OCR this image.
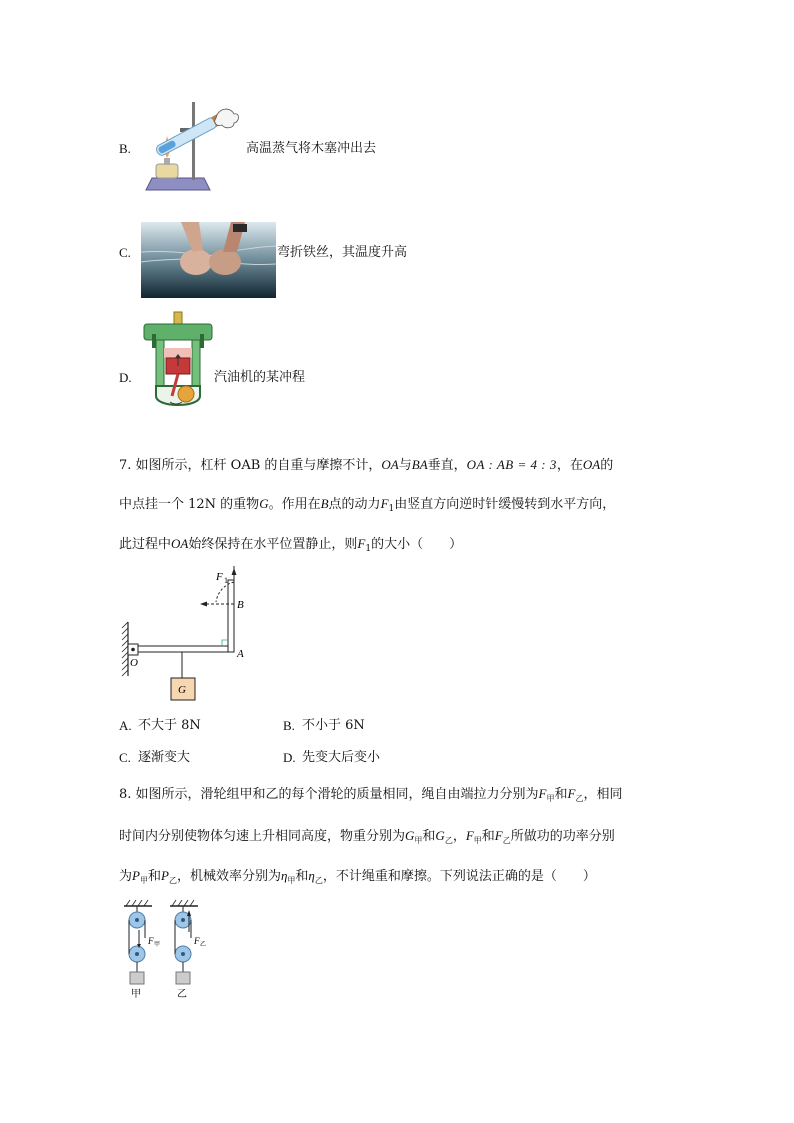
B.	高温蒸气将木塞冲出去
C.	弯折铁丝，其温度升高
D.	汽油机的某冲程
7. 如图所示，杠杆 OAB 的自重与摩擦不计，OA与BA垂直，OA : AB = 4 : 3，在OA的
中点挂一个 12N 的重物G。作用在B点的动力$F_1$由竖直方向逆时针缓慢转到水平方向，
此过程中OA始终保持在水平位置静止，则$F_1$的大小（　　）
F 1
B
A
O
G
A. 不大于 8N	B. 不小于 6N
C. 逐渐变大	D. 先变大后变小
8. 如图所示，滑轮组甲和乙的每个滑轮的质量相同，绳自由端拉力分别为$F_甲$和$F_乙$，相同
时间内分别使物体匀速上升相同高度，物重分别为$G_甲$和$G_乙$，$F_甲$和$F_乙$所做功的功率分别
为$P_甲$和$P_乙$，机械效率分别为$\eta_甲$和$\eta_乙$，不计绳重和摩擦。下列说法正确的是（　　）
F 甲	F 乙
甲	乙
